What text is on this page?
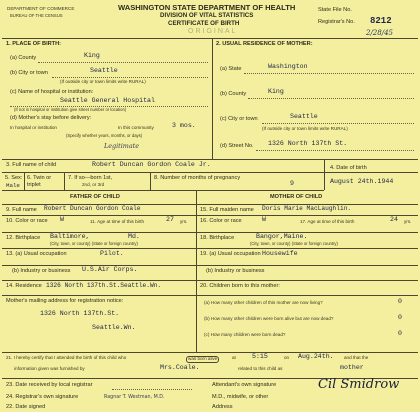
DEPARTMENT OF COMMERCE
BUREAU OF THE CENSUS
WASHINGTON STATE DEPARTMENT OF HEALTH
DIVISION OF VITAL STATISTICS
CERTIFICATE OF BIRTH
ORIGINAL
State File No.
Registrar's No. 8212
2/28/45
1. PLACE OF BIRTH:
(a) County	King
(b) City or town	Seattle
(If outside city or town limits write RURAL)
(c) Name of hospital or institution:
Seattle General Hospital
(If not in hospital or institution give street number or location)
(d) Mother's stay before delivery:
In hospital or institution	In this community	3 mos.
(Specify whether years, months, or days)
Legitimate
2. USUAL RESIDENCE OF MOTHER:
(a) State	Washington
(b) County	King
(c) City or town	Seattle
(If outside city or town limits write RURAL)
(d) Street No. 1326 North 137th St.
3. Full name of child	Robert Duncan Gordon Coale Jr.
5. Sex:
Male
6. Twin or
triplet
7. If so—born 1st,
2nd, or 3rd
8. Number of months of pregnancy
9
4. Date of birth
August 24th.1944
FATHER OF CHILD
9. Full name Robert Duncan Gordon Coale
10. Color or race W	11. Age at time of this birth	27 yrs.
12. Birthplace Baltimore,	Md.
(City, town, or county) (State or foreign country)
13. (a) Usual occupation	Pilot.
(b) Industry or business U.S.Air Corps.
14. Residence 1326 North 137th.St.Seattle.Wn.
MOTHER OF CHILD
15. Full maiden name Doris Marie MacLaughlin.
16. Color or race	W	17. Age at time of this birth	24 yrs.
18. Birthplace	Bangor,Maine.
(City, town, or county) (State or foreign country)
19. (a) Usual occupation Housewife
(b) Industry or business
Mother's mailing address for registration notice:
1326 North 137th.St.
Seattle.Wn.
20. Children born to this mother:
(a) How many other children of this mother are now living?	0
(b) How many other children were born alive but are now dead?	0
(c) How many children were born dead?	0
21. I hereby certify that I attended the birth of this child who	was born alive	at 5:15	on Aug.24th. and that the
information given was furnished by	Mrs.Coale.	related to this child as	mother
23. Date received by local registrar
24. Registrar's own signature	Ragnar T. Westman, M.D.
22. Date signed
Attendant's own signature
M.D., midwife, or other
Address
Cil Smidrow
